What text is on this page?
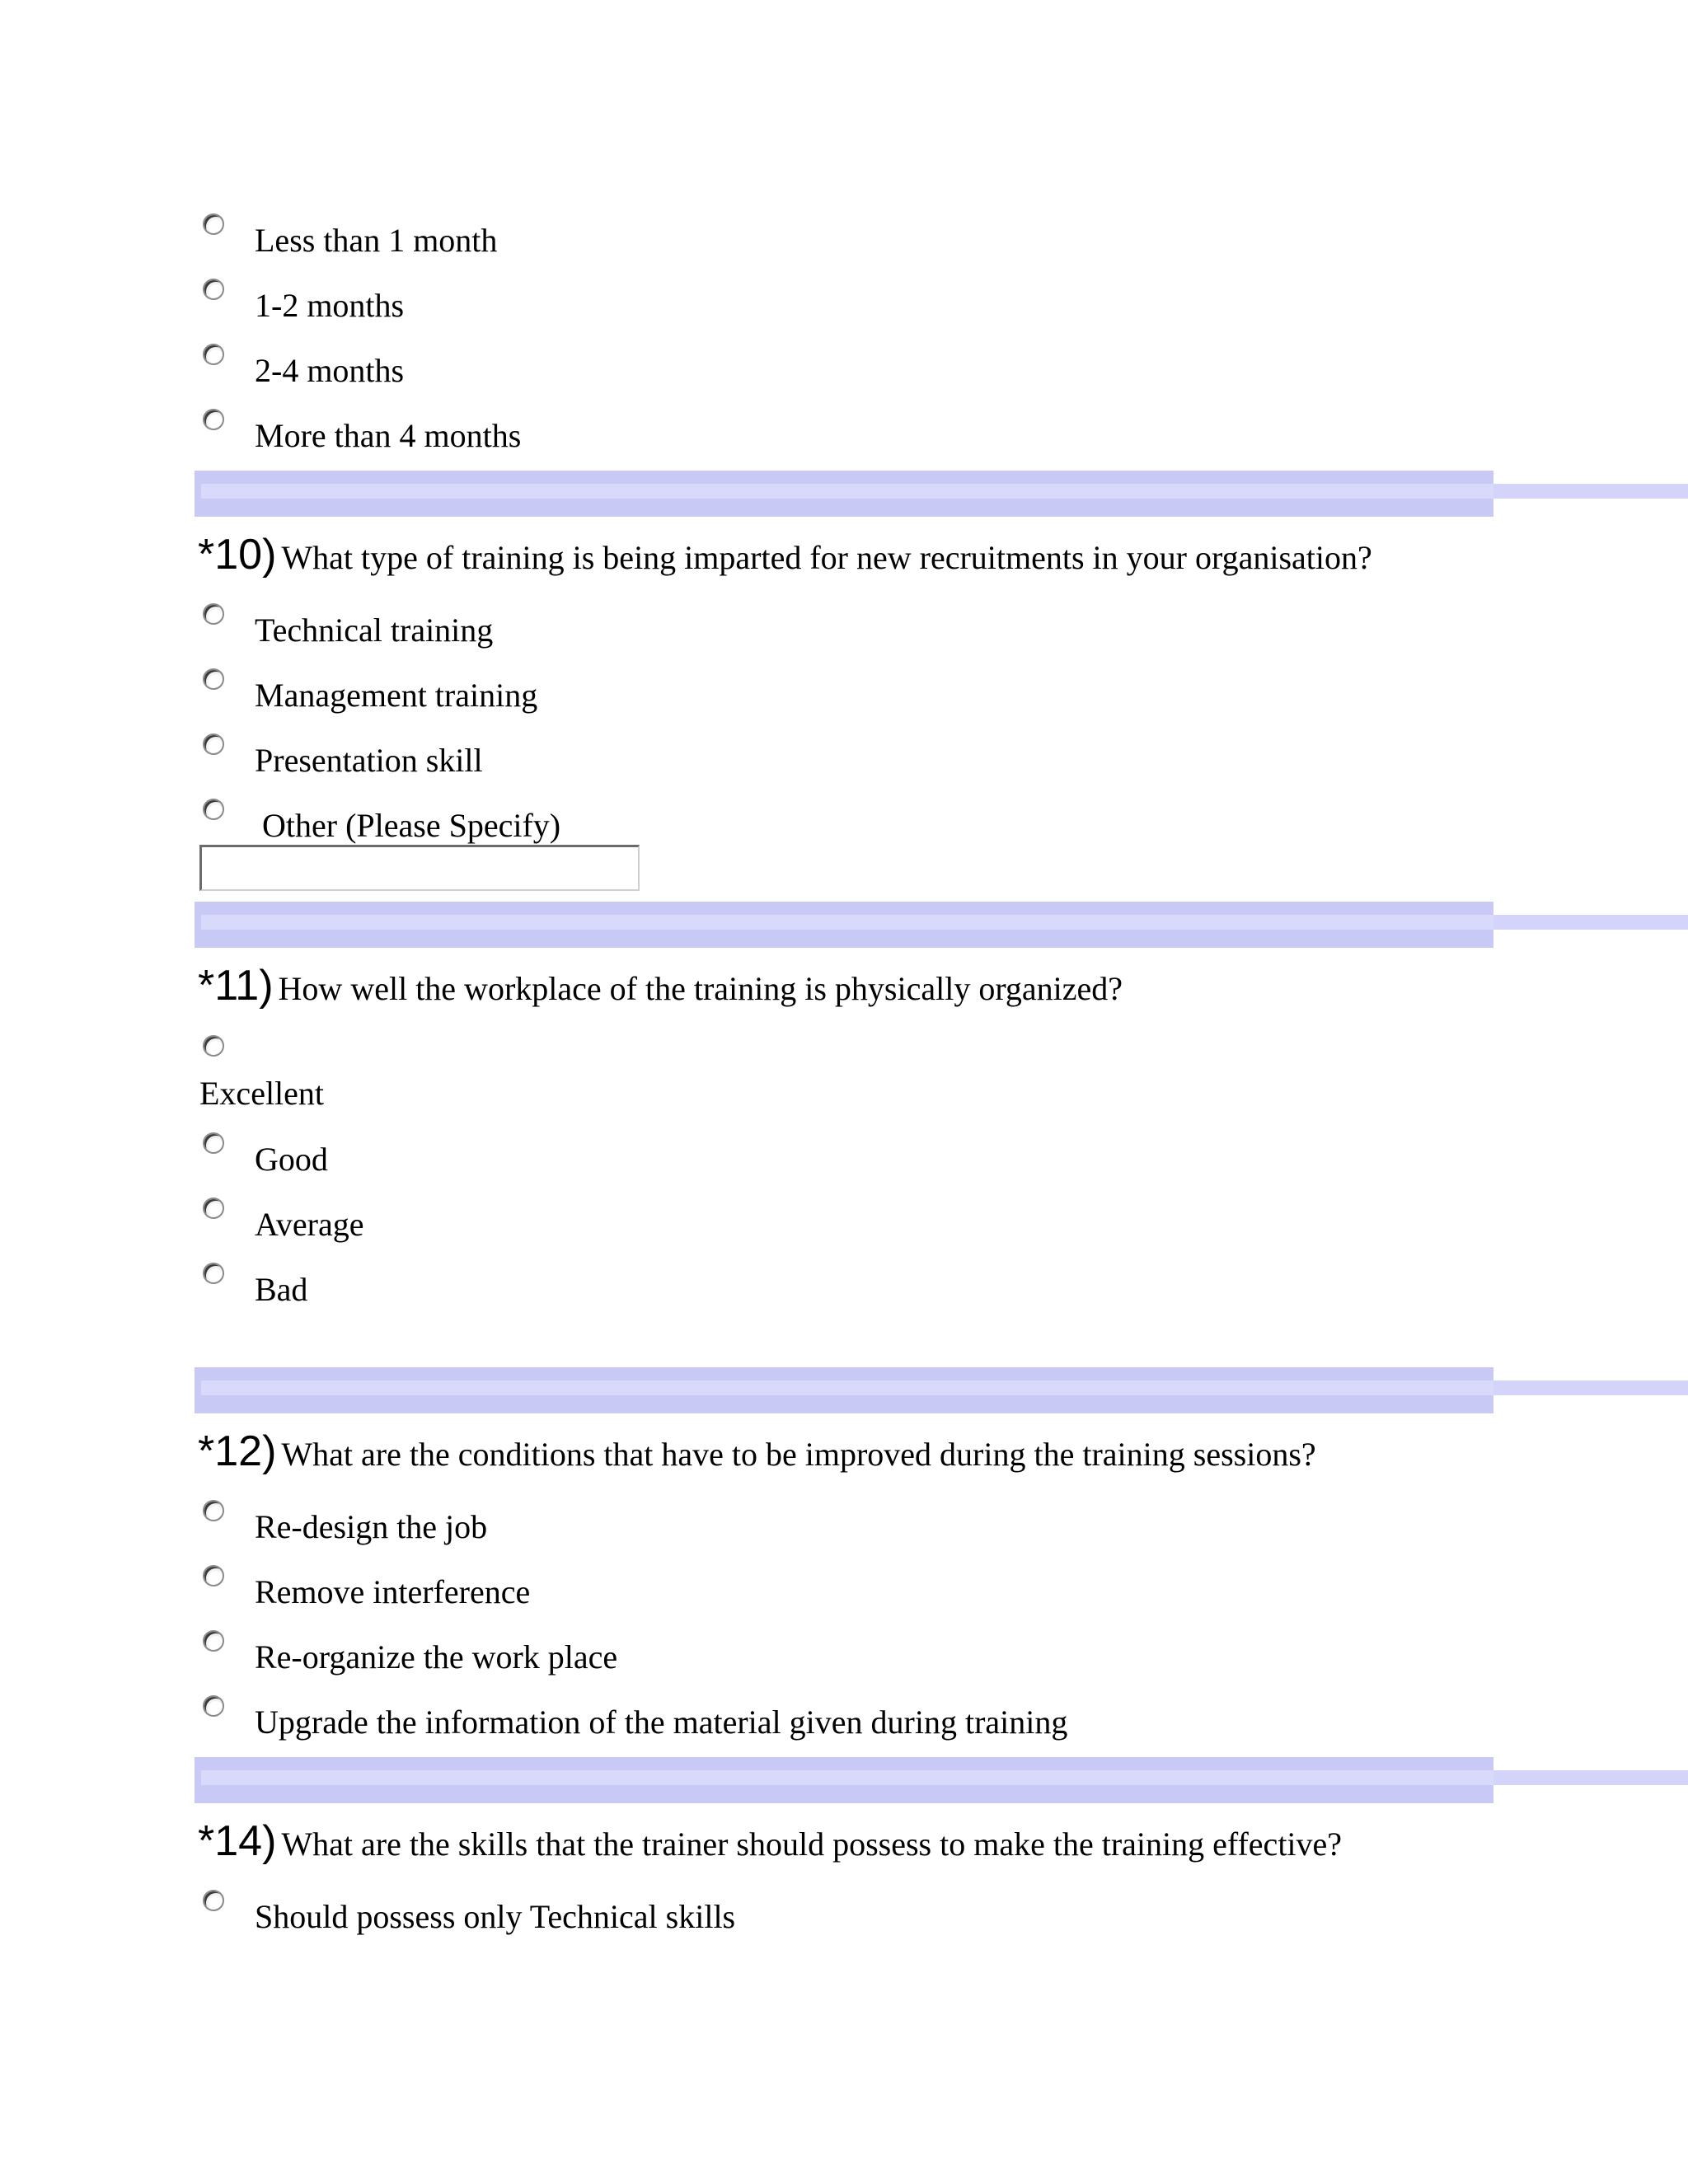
Less than 1 month
1-2 months
2-4 months
More than 4 months
*10) What type of training is being imparted for new recruitments in your organisation?
Technical training
Management training
Presentation skill
Other (Please Specify)
*11) How well the workplace of the training is physically organized?
Excellent
Good
Average
Bad
*12) What are the conditions that have to be improved during the training sessions?
Re-design the job
Remove interference
Re-organize the work place
Upgrade the information of the material given during training
*14) What are the skills that the trainer should possess to make the training effective?
Should possess only Technical skills
